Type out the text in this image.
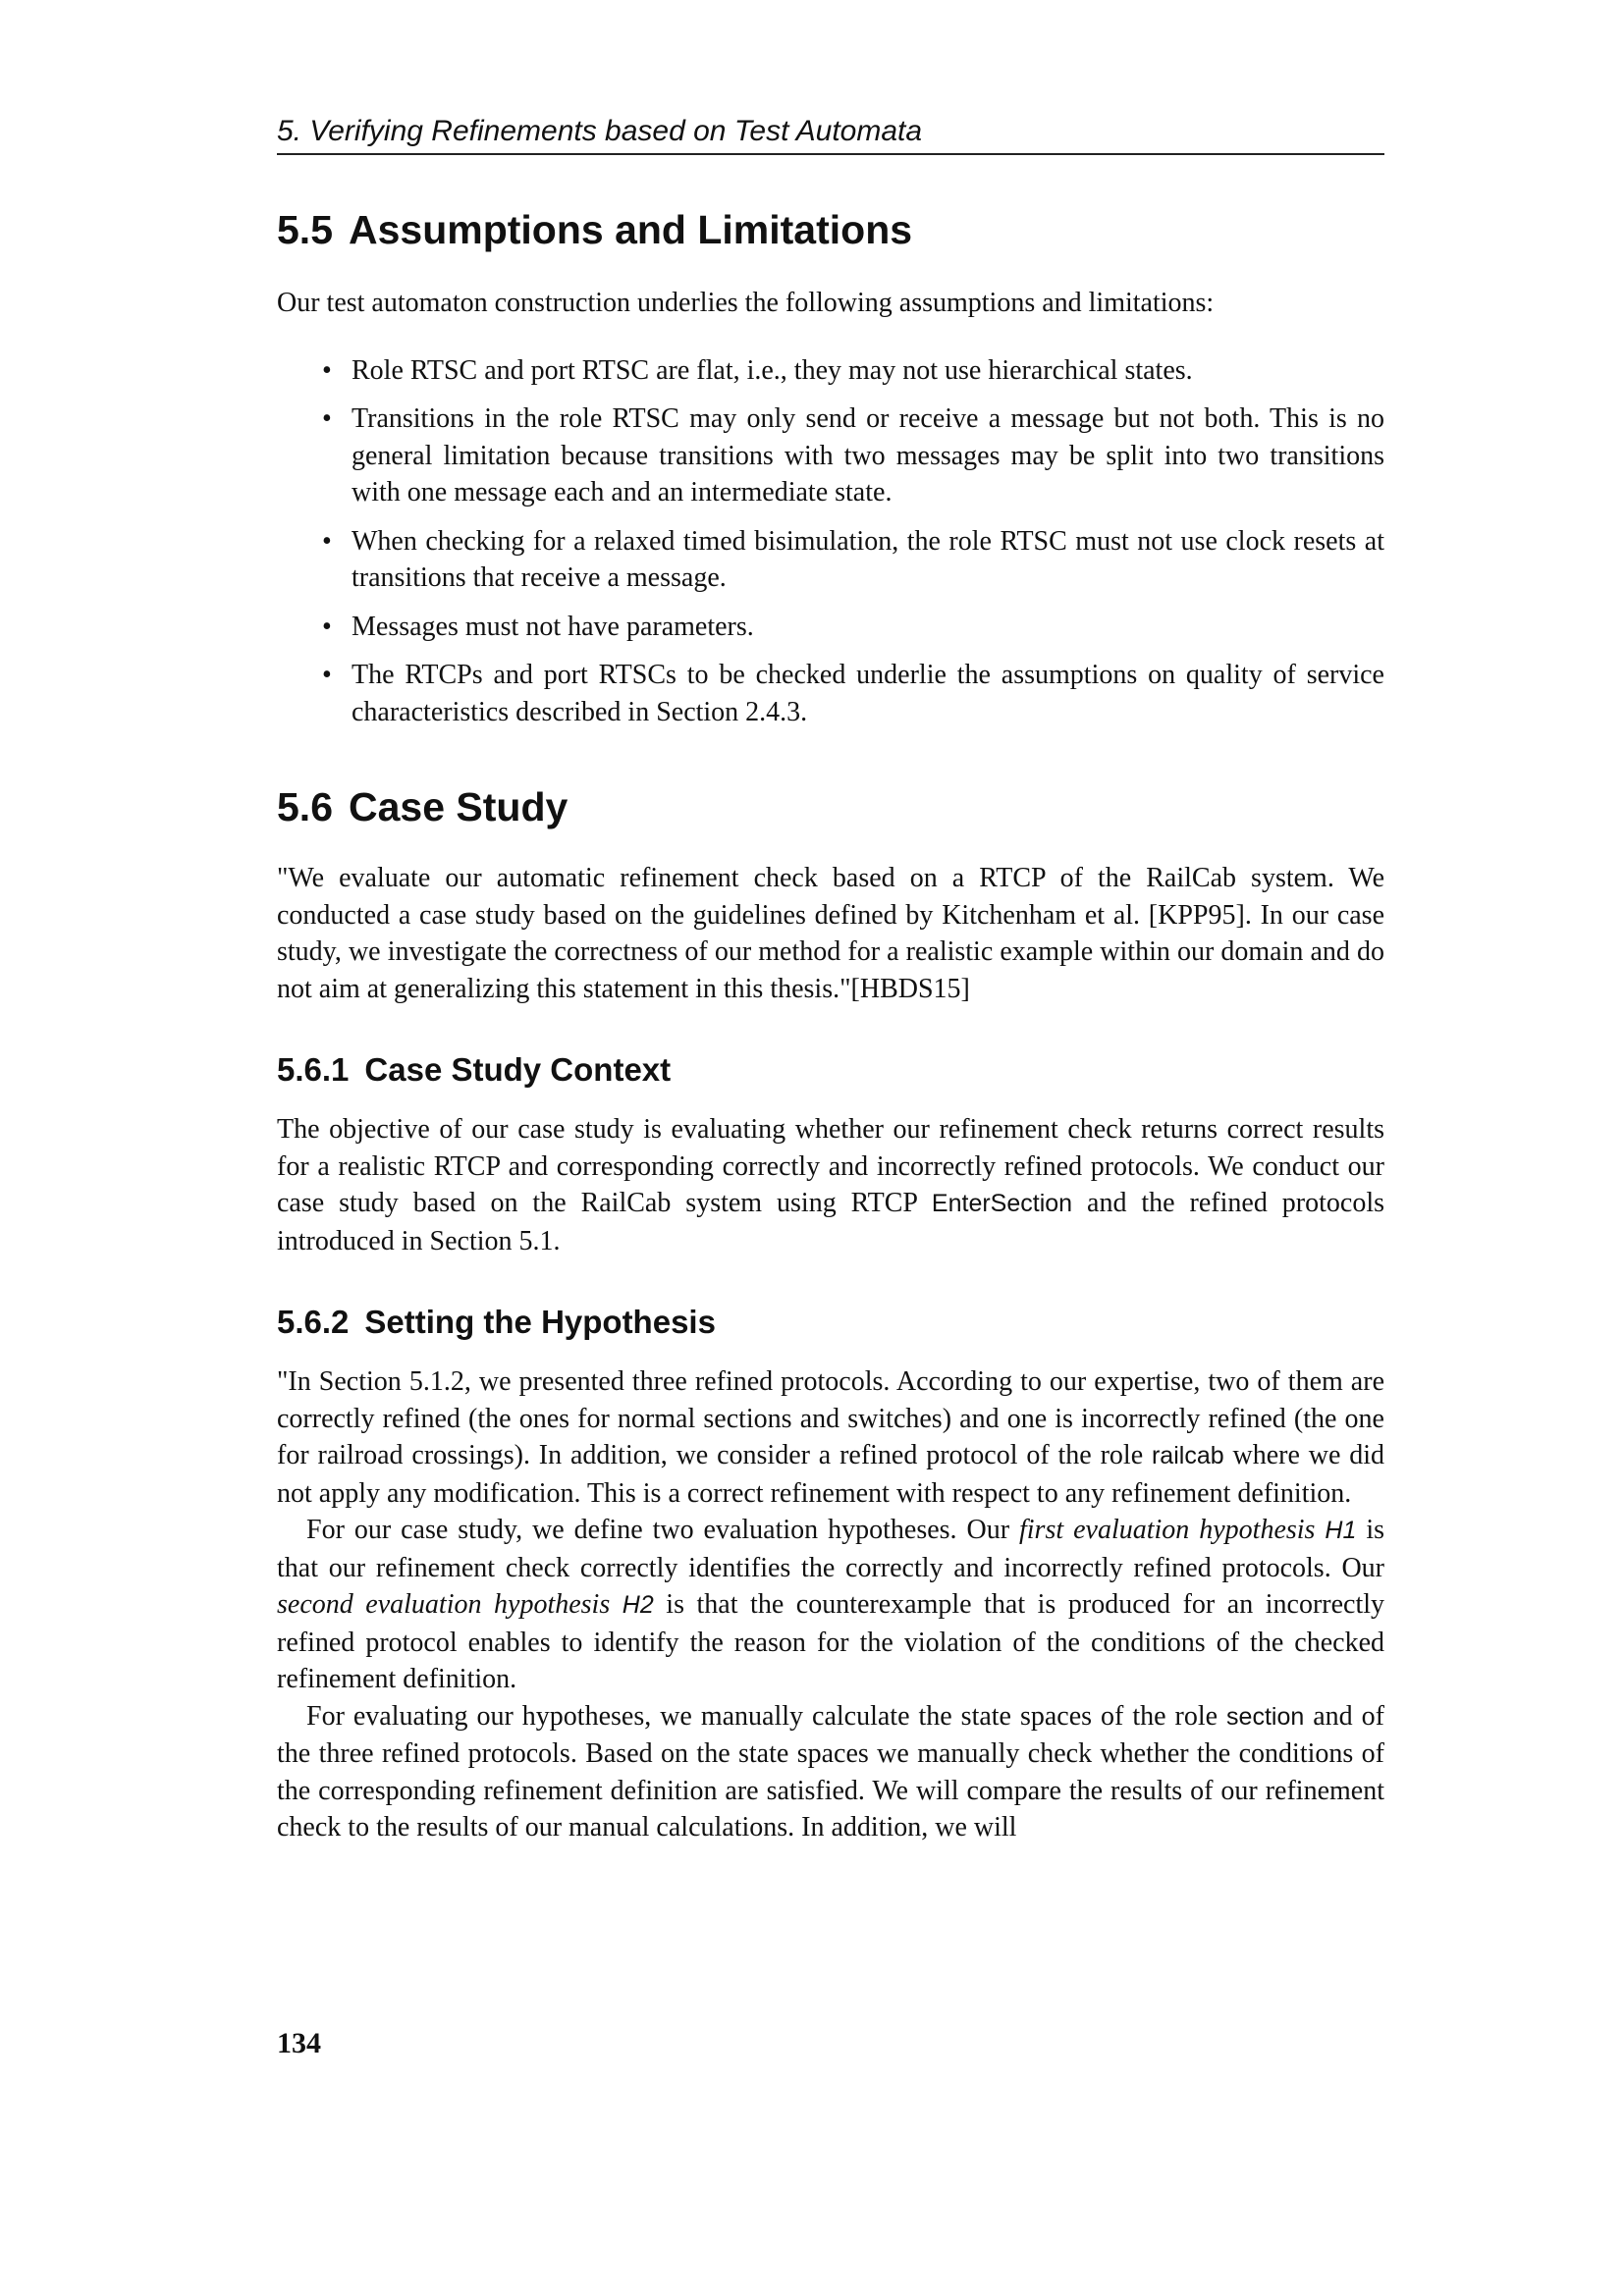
5. Verifying Refinements based on Test Automata
5.5 Assumptions and Limitations

Our test automaton construction underlies the following assumptions and limitations:

• Role RTSC and port RTSC are flat, i.e., they may not use hierarchical states.
• Transitions in the role RTSC may only send or receive a message but not both. This is no general limitation because transitions with two messages may be split into two transitions with one message each and an intermediate state.
• When checking for a relaxed timed bisimulation, the role RTSC must not use clock resets at transitions that receive a message.
• Messages must not have parameters.
• The RTCPs and port RTSCs to be checked underlie the assumptions on quality of service characteristics described in Section 2.4.3.
5.6 Case Study

"We evaluate our automatic refinement check based on a RTCP of the RailCab system. We conducted a case study based on the guidelines defined by Kitchenham et al. [KPP95]. In our case study, we investigate the correctness of our method for a realistic example within our domain and do not aim at generalizing this statement in this thesis."[HBDS15]

5.6.1 Case Study Context

The objective of our case study is evaluating whether our refinement check returns correct results for a realistic RTCP and corresponding correctly and incorrectly refined protocols. We conduct our case study based on the RailCab system using RTCP EnterSection and the refined protocols introduced in Section 5.1.

5.6.2 Setting the Hypothesis

"In Section 5.1.2, we presented three refined protocols. According to our expertise, two of them are correctly refined (the ones for normal sections and switches) and one is incorrectly refined (the one for railroad crossings). In addition, we consider a refined protocol of the role railcab where we did not apply any modification. This is a correct refinement with respect to any refinement definition.

For our case study, we define two evaluation hypotheses. Our first evaluation hypothesis H1 is that our refinement check correctly identifies the correctly and incorrectly refined protocols. Our second evaluation hypothesis H2 is that the counterexample that is produced for an incorrectly refined protocol enables to identify the reason for the violation of the conditions of the checked refinement definition.

For evaluating our hypotheses, we manually calculate the state spaces of the role section and of the three refined protocols. Based on the state spaces we manually check whether the conditions of the corresponding refinement definition are satisfied. We will compare the results of our refinement check to the results of our manual calculations. In addition, we will

134
